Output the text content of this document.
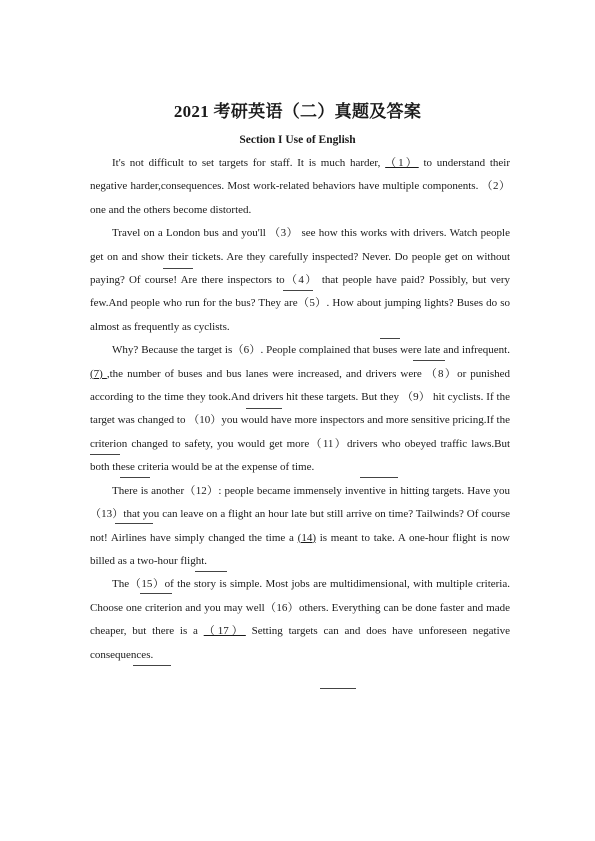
2021 考研英语（二）真题及答案
Section I Use of English

It's not difficult to set targets for staff. It is much harder, （1） to understand their negative harder,consequences. Most work-related behaviors have multiple components. （2） one and the others become distorted.

Travel on a London bus and you'll （3） see how this works with drivers. Watch people get on and show their tickets. Are they carefully inspected? Never. Do people get on without paying? Of course! Are there inspectors to（4） that people have paid? Possibly, but very few.And people who run for the bus? They are（5）. How about jumping lights? Buses do so almost as frequently as cyclists.

Why? Because the target is（6）. People complained that buses were late and infrequent. (7) ,the number of buses and bus lanes were increased, and drivers were （8）or punished according to the time they took.And drivers hit these targets. But they （9） hit cyclists. If the target was changed to （10）you would have more inspectors and more sensitive pricing.If the criterion changed to safety, you would get more（11）drivers who obeyed traffic laws.But both these criteria would be at the expense of time.

There is another（12）: people became immensely inventive in hitting targets. Have you（13）that you can leave on a flight an hour late but still arrive on time? Tailwinds? Of course not! Airlines have simply changed the time a (14) is meant to take. A one-hour flight is now billed as a two-hour flight.

The（15）of the story is simple. Most jobs are multidimensional, with multiple criteria. Choose one criterion and you may well（16）others. Everything can be done faster and made cheaper, but there is a （17） Setting targets can and does have unforeseen negative consequences.
